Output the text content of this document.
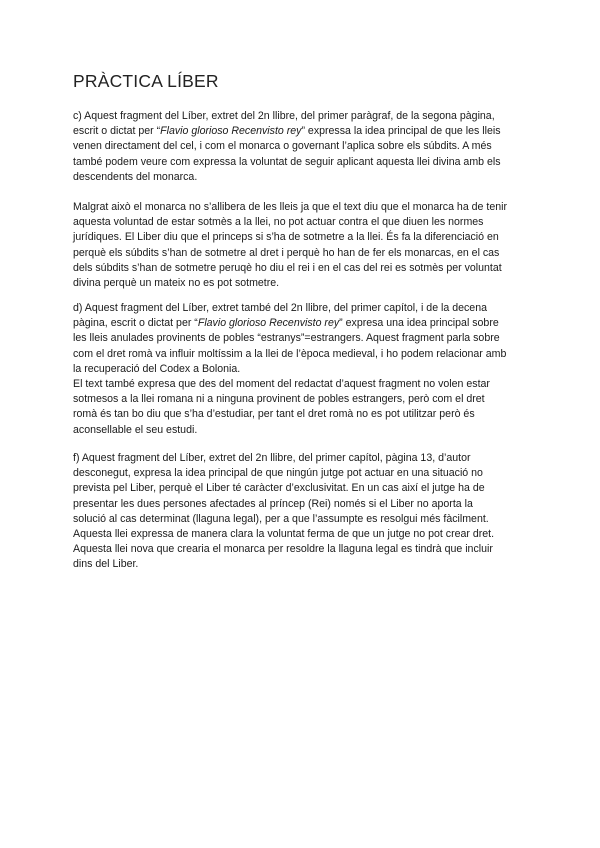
PRÀCTICA LÍBER

c) Aquest fragment del Líber, extret del 2n llibre, del primer paràgraf, de la segona pàgina,
escrit o dictat per “Flavio glorioso Recenvisto rey” expressa la idea principal de que les lleis
venen directament del cel, i com el monarca o governant l’aplica sobre els súbdits. A més
també podem veure com expressa la voluntat de seguir aplicant aquesta llei divina amb els
descendents del monarca.

Malgrat això el monarca no s’allibera de les lleis ja que el text diu que el monarca ha de tenir
aquesta voluntad de estar sotmès a la llei, no pot actuar contra el que diuen les normes
jurídiques. El Liber diu que el princeps si s’ha de sotmetre a la llei. És fa la diferenciació en
perquè els súbdits s’han de sotmetre al dret i perquè ho han de fer els monarcas, en el cas
dels súbdits s’han de sotmetre peruqè ho diu el rei i en el cas del rei es sotmès per voluntat
divina perquè un mateix no es pot sotmetre.

d) Aquest fragment del Líber, extret també del 2n llibre, del primer capítol, i de la decena
pàgina, escrit o dictat per “Flavio glorioso Recenvisto rey” expresa una idea principal sobre
les lleis anulades provinents de pobles “estranys”=estrangers. Aquest fragment parla sobre
com el dret romà va influir moltíssim a la llei de l’època medieval, i ho podem relacionar amb
la recuperació del Codex a Bolonia.
El text també expresa que des del moment del redactat d’aquest fragment no volen estar
sotmesos a la llei romana ni a ninguna provinent de pobles estrangers, però com el dret
romà és tan bo diu que s’ha d’estudiar, per tant el dret romà no es pot utilitzar però és
aconsellable el seu estudi.

f) Aquest fragment del Líber, extret del 2n llibre, del primer capítol, pàgina 13, d’autor
desconegut, expresa la idea principal de que ningún jutge pot actuar en una situació no
prevista pel Liber, perquè el Liber té caràcter d’exclusivitat. En un cas així el jutge ha de
presentar les dues persones afectades al príncep (Rei) només si el Liber no aporta la
solució al cas determinat (llaguna legal), per a que l’assumpte es resolgui més fàcilment.
Aquesta llei expressa de manera clara la voluntat ferma de que un jutge no pot crear dret.
Aquesta llei nova que crearia el monarca per resoldre la llaguna legal es tindrà que incluir
dins del Liber.
